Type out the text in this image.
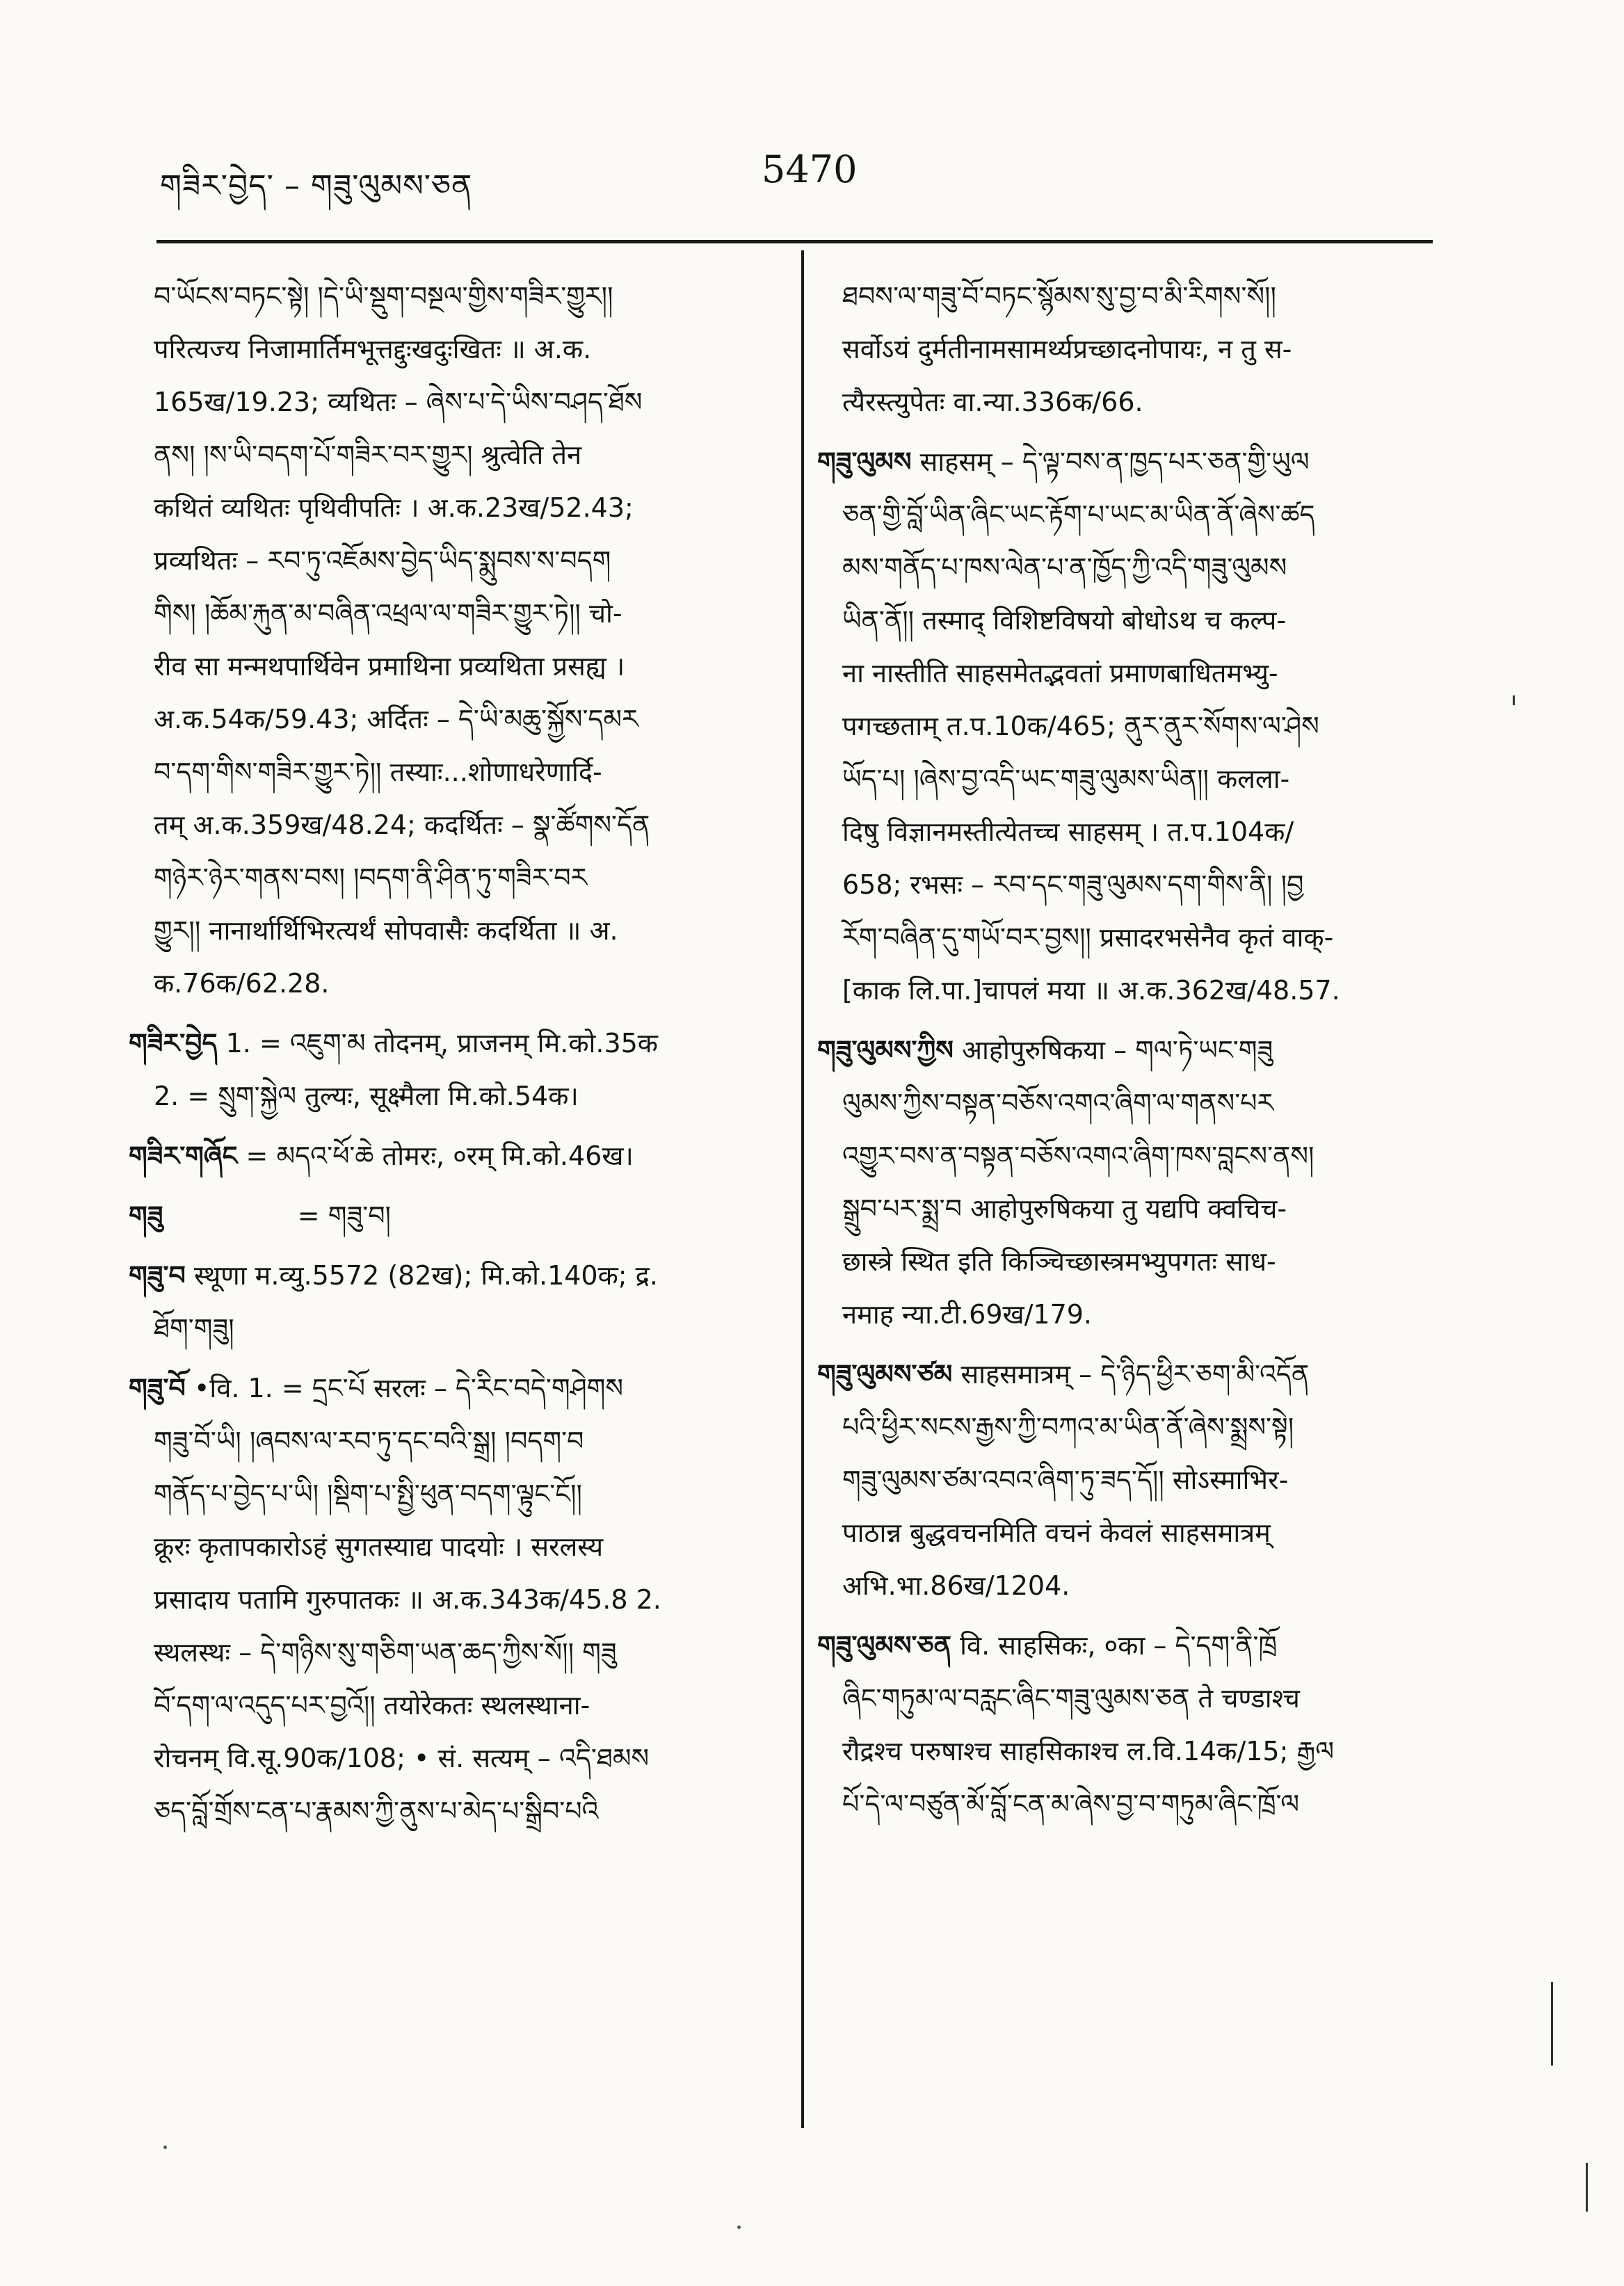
གཟིར་བྱེད་ – གཟུ་ལུམས་ཅན	5470

བ་ཡོངས་བཏང་སྟེ། །དེ་ཡི་སྡུག་བསྔལ་གྱིས་གཟིར་གྱུར།།

परित्यज्य निजामार्तिमभूत्तद्दुःखदुःखितः ॥ अ.क.

165ख/19.23; व्यथितः – ཞེས་པ་དེ་ཡིས་བཤད་ཐོས

ནས། །ས་ཡི་བདག་པོ་གཟིར་བར་གྱུར། श्रुत्वेति तेन

कथितं व्यथितः पृथिवीपतिः । अ.क.23ख/52.43;

प्रव्यथितः – རབ་ཏུ་འཇོམས་བྱེད་ཡིད་སྨུབས་ས་བདག

གིས། །ཆོམ་རྐུན་མ་བཞིན་འཕྲལ་ལ་གཟིར་གྱུར་ཏེ།། चो-

रीव सा मन्मथपार्थिवेन प्रमाथिना प्रव्यथिता प्रसह्य ।

अ.क.54क/59.43; अर्दितः – དེ་ཡི་མཆུ་སྐྱོས་དམར

བ་དག་གིས་གཟིར་གྱུར་ཏེ།། तस्याः...शोणाधरेणार्दि-

तम् अ.क.359ख/48.24; कदर्थितः – སྣ་ཚོགས་དོན

གཉེར་ཉེར་གནས་བས། །བདག་ནི་ཤིན་ཏུ་གཟིར་བར

གྱུར།། नानार्थार्थिभिरत्यर्थं सोपवासैः कदर्थिता ॥ अ.

क.76क/62.28.

གཟིར་བྱེད 1. = འཇུག་མ तोदनम्, प्राजनम् मि.को.35क

2. = སྲུག་སྐྱེལ तुल्यः, सूक्ष्मैला मि.को.54क।

གཟིར་གཞོང = མདའ་ཕོ་ཆེ तोमरः, ०रम् मि.को.46ख।

གཟུ	= གཟུ་བ།

གཟུ་བ स्थूणा म.व्यु.5572 (82ख); मि.को.140क; द्र.

ཐོག་གཟུ།

གཟུ་བོ •वि. 1. = དྲང་པོ सरलः – དེ་རིང་བདེ་གཤེགས

གཟུ་བོ་ཡི། །ཞབས་ལ་རབ་ཏུ་དང་བའི་སྒྲ། །བདག་བ

གནོད་པ་བྱེད་པ་ཡི། །སྡིག་པ་སྤྱི་ཕུན་བདག་ལྟུང་ངོ།།

क्रूरः कृतापकारोऽहं सुगतस्याद्य पादयोः । सरलस्य

प्रसादाय पतामि गुरुपातकः ॥ अ.क.343क/45.8 2.

स्थलस्थः – དེ་གཉིས་སུ་གཅིག་ཡན་ཆད་ཀྱིས་སོ།། གཟུ

བོ་དག་ལ་འདུད་པར་བྱའོ།། तयोरेकतः स्थलस्थाना-

रोचनम् वि.सू.90क/108; • सं. सत्यम् – འདི་ཐམས

ཅད་བློ་གྲོས་ངན་པ་རྣམས་ཀྱི་ནུས་པ་མེད་པ་སྒྲིབ་པའི

ཐབས་ལ་གཟུ་བོ་བཏང་སྙོམས་སུ་བྱ་བ་མི་རིགས་སོ།།

सर्वोऽयं दुर्मतीनामसामर्थ्यप्रच्छादनोपायः, न तु स-

त्यैरस्त्युपेतः वा.न्या.336क/66.

གཟུ་ལུམས साहसम् – དེ་ལྟ་བས་ན་ཁྱད་པར་ཅན་གྱི་ཡུལ

ཅན་གྱི་བློ་ཡིན་ཞིང་ཡང་རྟོག་པ་ཡང་མ་ཡིན་ནོ་ཞེས་ཚད

མས་གནོད་པ་ཁས་ལེན་པ་ན་ཁྱོད་ཀྱི་འདི་གཟུ་ལུམས

ཡིན་ནོ།། तस्माद् विशिष्टविषयो बोधोऽथ च कल्प-

ना नास्तीति साहसमेतद्भवतां प्रमाणबाधितमभ्यु-

पगच्छताम् त.प.10क/465; ནུར་ནུར་སོགས་ལ་ཤེས

ཡོད་པ། །ཞེས་བྱ་འདི་ཡང་གཟུ་ལུམས་ཡིན།། कलला-

दिषु विज्ञानमस्तीत्येतच्च साहसम् । त.प.104क/

658; रभसः – རབ་དང་གཟུ་ལུམས་དག་གིས་ནི། །བྱ

རོག་བཞིན་དུ་གཡོ་བར་བྱས།། प्रसादरभसेनैव कृतं वाक्-

[काक लि.पा.]चापलं मया ॥ अ.क.362ख/48.57.

གཟུ་ལུམས་ཀྱིས आहोपुरुषिकया – གལ་ཏེ་ཡང་གཟུ

ལུམས་ཀྱིས་བསྟན་བཅོས་འགའ་ཞིག་ལ་གནས་པར

འགྱུར་བས་ན་བསྟན་བཅོས་འགའ་ཞིག་ཁས་བླངས་ནས།

སྒྲུབ་པར་སྨྲ་བ आहोपुरुषिकया तु यद्यपि क्वचिच-

छास्त्रे स्थित इति किञ्चिच्छास्त्रमभ्युपगतः साध-

नमाह न्या.टी.69ख/179.

གཟུ་ལུམས་ཙམ साहसमात्रम् – དེ་ཉིད་ཕྱིར་ཅག་མི་འདོན

པའི་ཕྱིར་སངས་རྒྱས་ཀྱི་བཀའ་མ་ཡིན་ནོ་ཞེས་སྨྲས་སྟེ།

གཟུ་ལུམས་ཙམ་འབའ་ཞིག་ཏུ་ཟད་དོ།། सोऽस्माभिर-

पाठान्न बुद्धवचनमिति वचनं केवलं साहसमात्रम्

अभि.भा.86ख/1204.

གཟུ་ལུམས་ཅན वि. साहसिकः, ०का – དེ་དག་ནི་ཁྲོ

ཞིང་གཏུམ་ལ་བརླང་ཞིང་གཟུ་ལུམས་ཅན ते चण्डाश्च

रौद्रश्च परुषाश्च साहसिकाश्च ल.वि.14क/15; རྒྱལ

པོ་དེ་ལ་བཙུན་མོ་བློ་ངན་མ་ཞེས་བྱ་བ་གཏུམ་ཞིང་ཁྲོ་ལ
